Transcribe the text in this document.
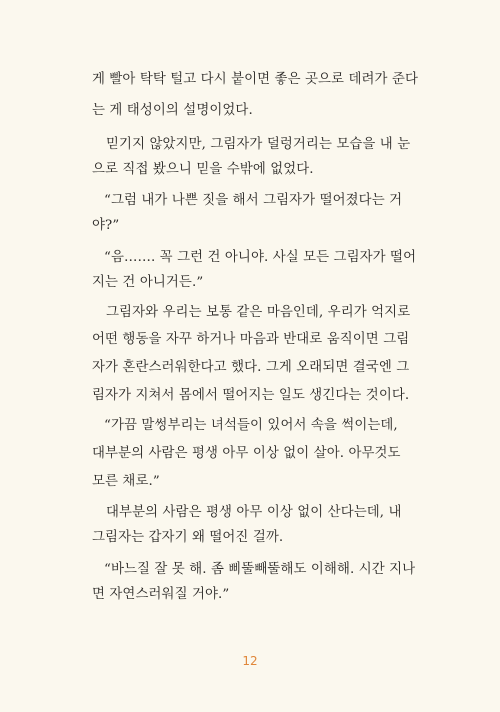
게 빨아 탁탁 털고 다시 붙이면 좋은 곳으로 데려가 준다
는 게 태성이의 설명이었다.
믿기지 않았지만, 그림자가 덜렁거리는 모습을 내 눈
으로 직접 봤으니 믿을 수밖에 없었다.
“그럼 내가 나쁜 짓을 해서 그림자가 떨어졌다는 거
야?”
“음……. 꼭 그런 건 아니야. 사실 모든 그림자가 떨어
지는 건 아니거든.”
그림자와 우리는 보통 같은 마음인데, 우리가 억지로
어떤 행동을 자꾸 하거나 마음과 반대로 움직이면 그림
자가 혼란스러워한다고 했다. 그게 오래되면 결국엔 그
림자가 지쳐서 몸에서 떨어지는 일도 생긴다는 것이다.
“가끔 말썽부리는 녀석들이 있어서 속을 썩이는데,
대부분의 사람은 평생 아무 이상 없이 살아. 아무것도
모른 채로.”
대부분의 사람은 평생 아무 이상 없이 산다는데, 내
그림자는 갑자기 왜 떨어진 걸까.
“바느질 잘 못 해. 좀 삐뚤빼뚤해도 이해해. 시간 지나
면 자연스러워질 거야.”
12
